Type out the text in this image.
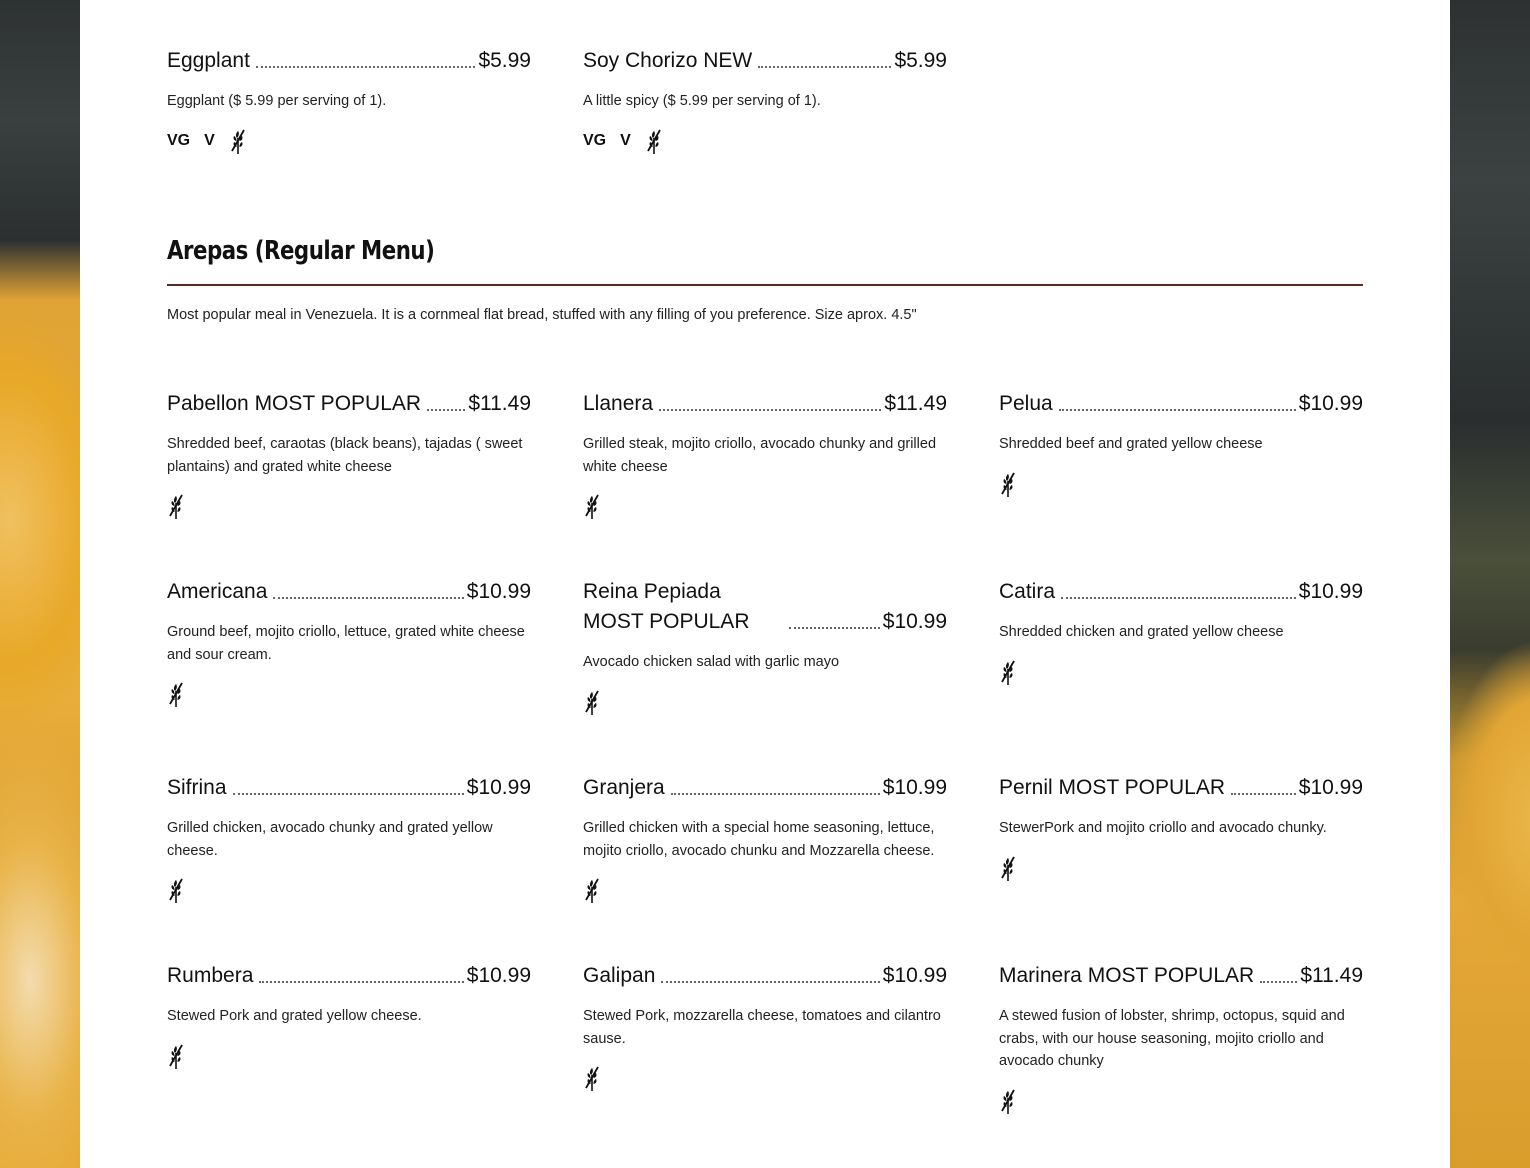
Eggplant	$5.99
Eggplant ($ 5.99 per serving of 1).
VG V
Soy Chorizo NEW	$5.99
A little spicy ($ 5.99 per serving of 1).
VG V
Arepas (Regular Menu)
Most popular meal in Venezuela. It is a cornmeal flat bread, stuffed with any filling of you preference. Size aprox. 4.5"
Pabellon MOST POPULAR $11.49
Shredded beef, caraotas (black beans), tajadas ( sweet plantains) and grated white cheese
Llanera	$11.49
Grilled steak, mojito criollo, avocado chunky and grilled white cheese
Pelua	$10.99
Shredded beef and grated yellow cheese
Americana	$10.99
Ground beef, mojito criollo, lettuce, grated white cheese and sour cream.
Reina Pepiada MOST POPULAR	$10.99
Avocado chicken salad with garlic mayo
Catira	$10.99
Shredded chicken and grated yellow cheese
Sifrina	$10.99
Grilled chicken, avocado chunky and grated yellow cheese.
Granjera	$10.99
Grilled chicken with a special home seasoning, lettuce, mojito criollo, avocado chunku and Mozzarella cheese.
Pernil MOST POPULAR	$10.99
StewerPork and mojito criollo and avocado chunky.
Rumbera	$10.99
Stewed Pork and grated yellow cheese.
Galipan	$10.99
Stewed Pork, mozzarella cheese, tomatoes and cilantro sause.
Marinera MOST POPULAR $11.49
A stewed fusion of lobster, shrimp, octopus, squid and crabs, with our house seasoning, mojito criollo and avocado chunky
